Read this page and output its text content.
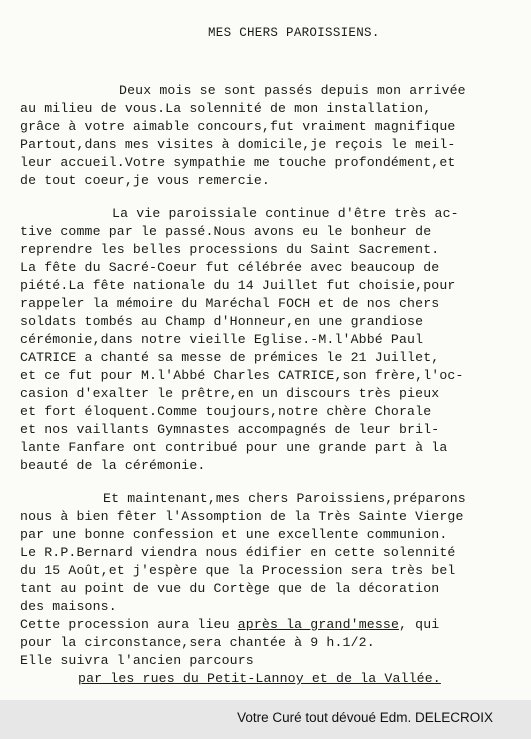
MES CHERS PAROISSIENS.
Deux mois se sont passés depuis mon arrivée
au milieu de vous.La solennité de mon installation,
grâce à votre aimable concours,fut vraiment magnifique
Partout,dans mes visites à domicile,je reçois le meil-
leur accueil.Votre sympathie me touche profondément,et
de tout coeur,je vous remercie.
La vie paroissiale continue d'être très ac-
tive comme par le passé.Nous avons eu le bonheur de
reprendre les belles processions du Saint Sacrement.
La fête du Sacré-Coeur fut célébrée avec beaucoup de
piété.La fête nationale du 14 Juillet fut choisie,pour
rappeler la mémoire du Maréchal FOCH et de nos chers
soldats tombés au Champ d'Honneur,en une grandiose
cérémonie,dans notre vieille Eglise.-M.l'Abbé Paul
CATRICE a chanté sa messe de prémices le 21 Juillet,
et ce fut pour M.l'Abbé Charles CATRICE,son frère,l'oc-
casion d'exalter le prêtre,en un discours très pieux
et fort éloquent.Comme toujours,notre chère Chorale
et nos vaillants Gymnastes accompagnés de leur bril-
lante Fanfare ont contribué pour une grande part à la
beauté de la cérémonie.
Et maintenant,mes chers Paroissiens,préparons
nous à bien fêter l'Assomption de la Très Sainte Vierge
par une bonne confession et une excellente communion.
Le R.P.Bernard viendra nous édifier en cette solennité
du 15 Août,et j'espère que la Procession sera très bel
tant au point de vue du Cortège que de la décoration
des maisons.
Cette procession aura lieu après la grand'messe, qui
pour la circonstance,sera chantée à 9 h.1/2.
Elle suivra l'ancien parcours
par les rues du Petit-Lannoy et de la Vallée.
Votre Curé tout dévoué Edm. DELECROIX
